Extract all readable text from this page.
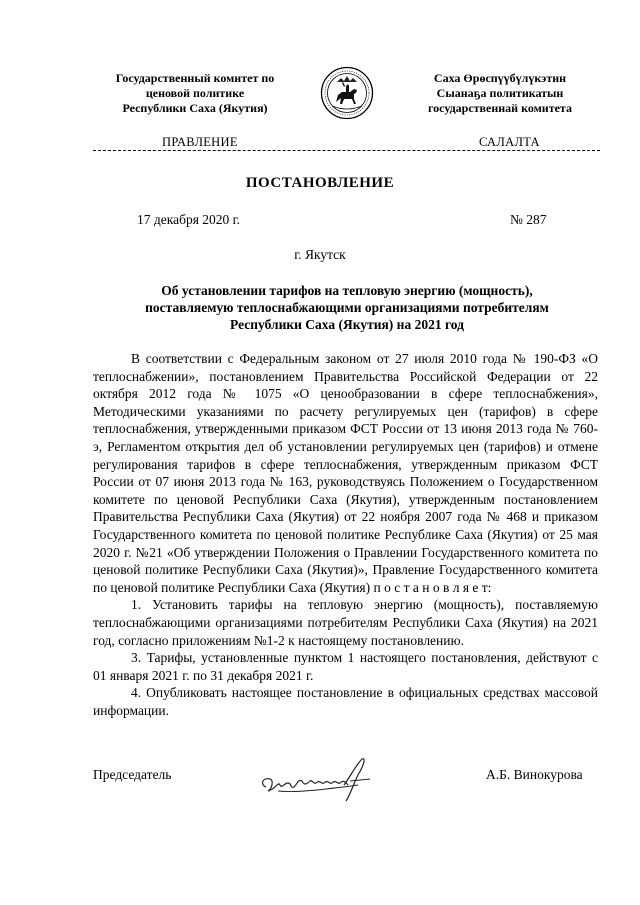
Государственный комитет по
ценовой политике
Республики Саха (Якутия)
Саха Өрөспүүбүлүкэтин
Сыанаҕа политикатын
государственнай комитета
ПРАВЛЕНИЕ	САЛАЛТА
ПОСТАНОВЛЕНИЕ
17 декабря 2020 г.	№ 287
г. Якутск
Об установлении тарифов на тепловую энергию (мощность),
поставляемую теплоснабжающими организациями потребителям
Республики Саха (Якутия) на 2021 год

В соответствии с Федеральным законом от 27 июля 2010 года № 190-ФЗ «О теплоснабжении», постановлением Правительства Российской Федерации от 22 октября 2012 года № 1075 «О ценообразовании в сфере теплоснабжения», Методическими указаниями по расчету регулируемых цен (тарифов) в сфере теплоснабжения, утвержденными приказом ФСТ России от 13 июня 2013 года № 760-э, Регламентом открытия дел об установлении регулируемых цен (тарифов) и отмене регулирования тарифов в сфере теплоснабжения, утвержденным приказом ФСТ России от 07 июня 2013 года № 163, руководствуясь Положением о Государственном комитете по ценовой Республики Саха (Якутия), утвержденным постановлением Правительства Республики Саха (Якутия) от 22 ноября 2007 года № 468 и приказом Государственного комитета по ценовой политике Республике Саха (Якутия) от 25 мая 2020 г. №21 «Об утверждении Положения о Правлении Государственного комитета по ценовой политике Республики Саха (Якутия)», Правление Государственного комитета по ценовой политике Республики Саха (Якутия) п о с т а н о в л я е т:

1. Установить тарифы на тепловую энергию (мощность), поставляемую теплоснабжающими организациями потребителям Республики Саха (Якутия) на 2021 год, согласно приложениям №1-2 к настоящему постановлению.

3. Тарифы, установленные пунктом 1 настоящего постановления, действуют с 01 января 2021 г. по 31 декабря 2021 г.

4. Опубликовать настоящее постановление в официальных средствах массовой информации.

Председатель	А.Б. Винокурова
